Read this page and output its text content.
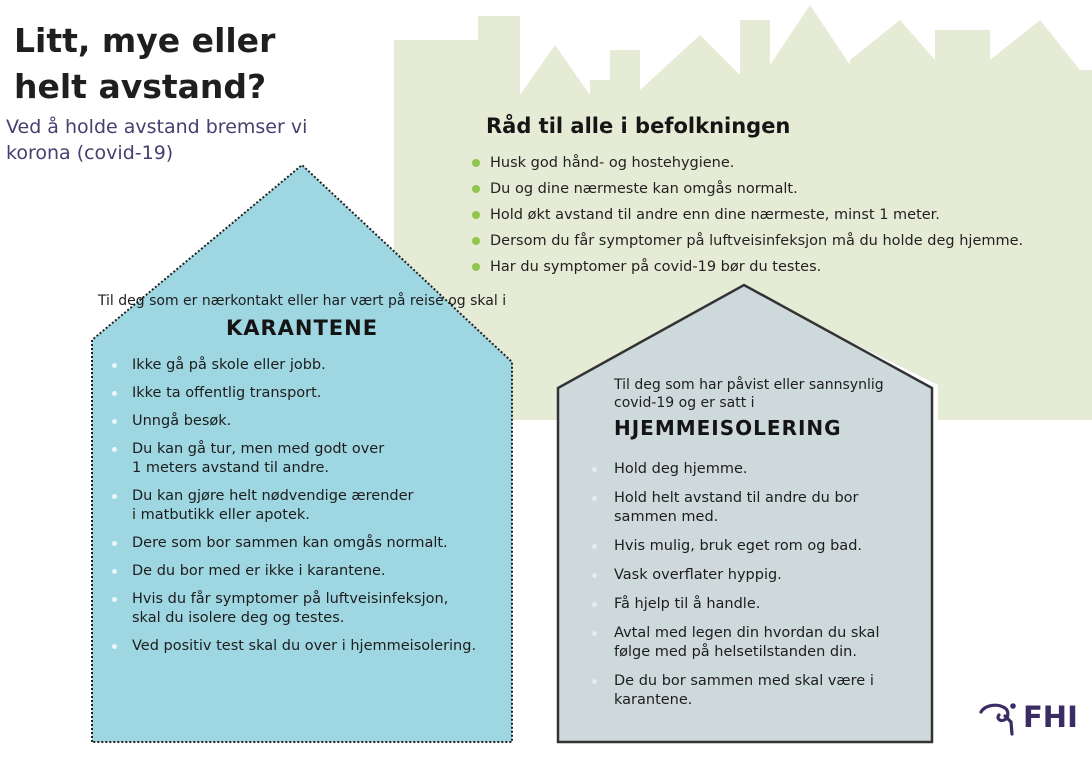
Litt, mye eller
helt avstand?

Ved å holde avstand bremser vi korona (covid-19)

Råd til alle i befolkningen
Husk god hånd- og hostehygiene.
Du og dine nærmeste kan omgås normalt.
Hold økt avstand til andre enn dine nærmeste, minst 1 meter.
Dersom du får symptomer på luftveisinfeksjon må du holde deg hjemme.
Har du symptomer på covid-19 bør du testes.

Til deg som er nærkontakt eller har vært på reise og skal i

KARANTENE
Ikke gå på skole eller jobb.
Ikke ta offentlig transport.
Unngå besøk.
Du kan gå tur, men med godt over
1 meters avstand til andre.
Du kan gjøre helt nødvendige ærender
i matbutikk eller apotek.
Dere som bor sammen kan omgås normalt.
De du bor med er ikke i karantene.
Hvis du får symptomer på luftveisinfeksjon,
skal du isolere deg og testes.
Ved positiv test skal du over i hjemmeisolering.

Til deg som har påvist eller sannsynlig covid-19 og er satt i

HJEMMEISOLERING
Hold deg hjemme.
Hold helt avstand til andre du bor
sammen med.
Hvis mulig, bruk eget rom og bad.
Vask overflater hyppig.
Få hjelp til å handle.
Avtal med legen din hvordan du skal
følge med på helsetilstanden din.
De du bor sammen med skal være i
karantene.	FHI
